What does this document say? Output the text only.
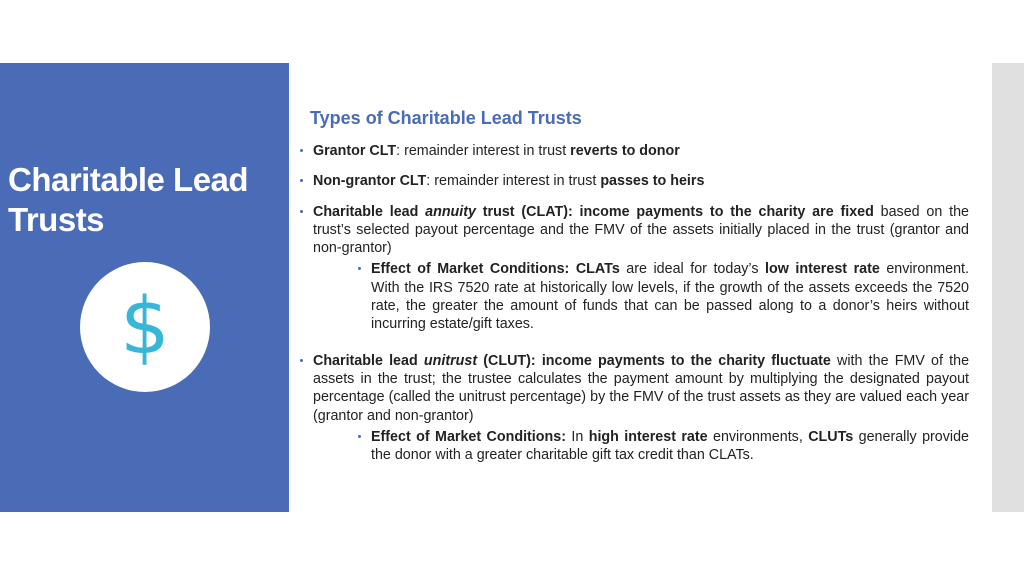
Charitable Lead Trusts
$
Types of Charitable Lead Trusts
Grantor CLT: remainder interest in trust reverts to donor
Non-grantor CLT: remainder interest in trust passes to heirs
Charitable lead annuity trust (CLAT): income payments to the charity are fixed based on the trust’s selected payout percentage and the FMV of the assets initially placed in the trust (grantor and non-grantor)
Effect of Market Conditions: CLATs are ideal for today’s low interest rate environment. With the IRS 7520 rate at historically low levels, if the growth of the assets exceeds the 7520 rate, the greater the amount of funds that can be passed along to a donor’s heirs without incurring estate/gift taxes.
Charitable lead unitrust (CLUT): income payments to the charity fluctuate with the FMV of the assets in the trust; the trustee calculates the payment amount by multiplying the designated payout percentage (called the unitrust percentage) by the FMV of the trust assets as they are valued each year (grantor and non-grantor)
Effect of Market Conditions: In high interest rate environments, CLUTs generally provide the donor with a greater charitable gift tax credit than CLATs.
